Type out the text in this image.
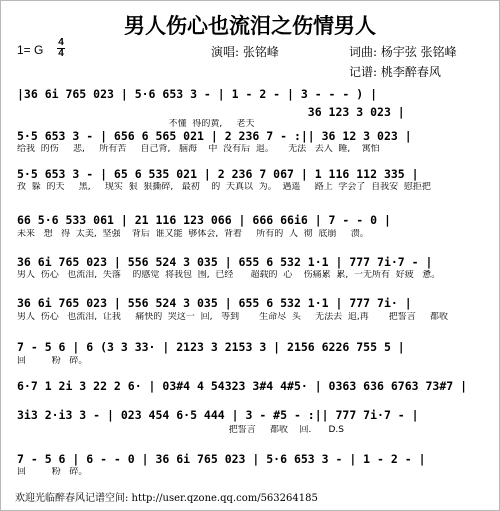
男人伤心也流泪之伤情男人
1= G
4
4	演唱: 张铭峰	词曲: 杨宇弦 张铭峰
记谱: 桃李醉春风
|36 6i 765 023 | 5·6 653 3 - | 1 - 2 - | 3 - - - ) |
36 123 3 023 |
不懂  得的黄,     老天
5·5 653 3 - | 656 6 565 021 | 2 236 7 - :|| 36 12 3 023 |
给我  的伤     悲,     所有苦     自己背,   脑海    中  没有后  退。     无法   去入  睡,    寓怕
5·5 653 3 - | 65 6 535 021 | 2 236 7 067 | 1 116 112 335 |
孜  躲  的天     黑,     现实  狠  狠撕碎,   最初    的  天真以  为。  遇遥     路上  学会了  自我安  慰拒把
66 5·6 533 061 | 21 116 123 066 | 666 66i6 | 7 - - 0 |
未来   想   得  太美,  坚强    背后  谁又能  够体会,  背着     所有的  人  彻  底崩     溃。
36 6i 765 023 | 556 524 3 035 | 655 6 532 1·1 | 777 7i·7 - |
男人  伤心   也流泪,  失落    的感觉  将我包  围,  已经      超载的  心    伤痛累  累,  一无所有  好疲   惫。
36 6i 765 023 | 556 524 3 035 | 655 6 532 1·1 | 777 7i· |
男人  伤心   也流泪,  让我     痛快的  哭这一  回,   等到       生命尽  头     无法去  追,再       把誓言     都收
7 - 5 6 | 6 (3 3 33· | 2123 3 2153 3 | 2156 6226 755 5 |
回         粉   碎。
6·7 1 2i 3 22 2 6· | 03#4 4 54323 3#4 4#5· | 0363 636 6763 73#7 |
3i3 2·i3 3 - | 023 454 6·5 444 | 3 - #5 - :|| 777 7i·7 - |
把誓言     都收    回.      D.S
7 - 5 6 | 6 - - 0 | 36 6i 765 023 | 5·6 653 3 - | 1 - 2 - |
回         粉   碎。
欢迎光临醉春风记谱空间: http://user.qzone.qq.com/563264185
